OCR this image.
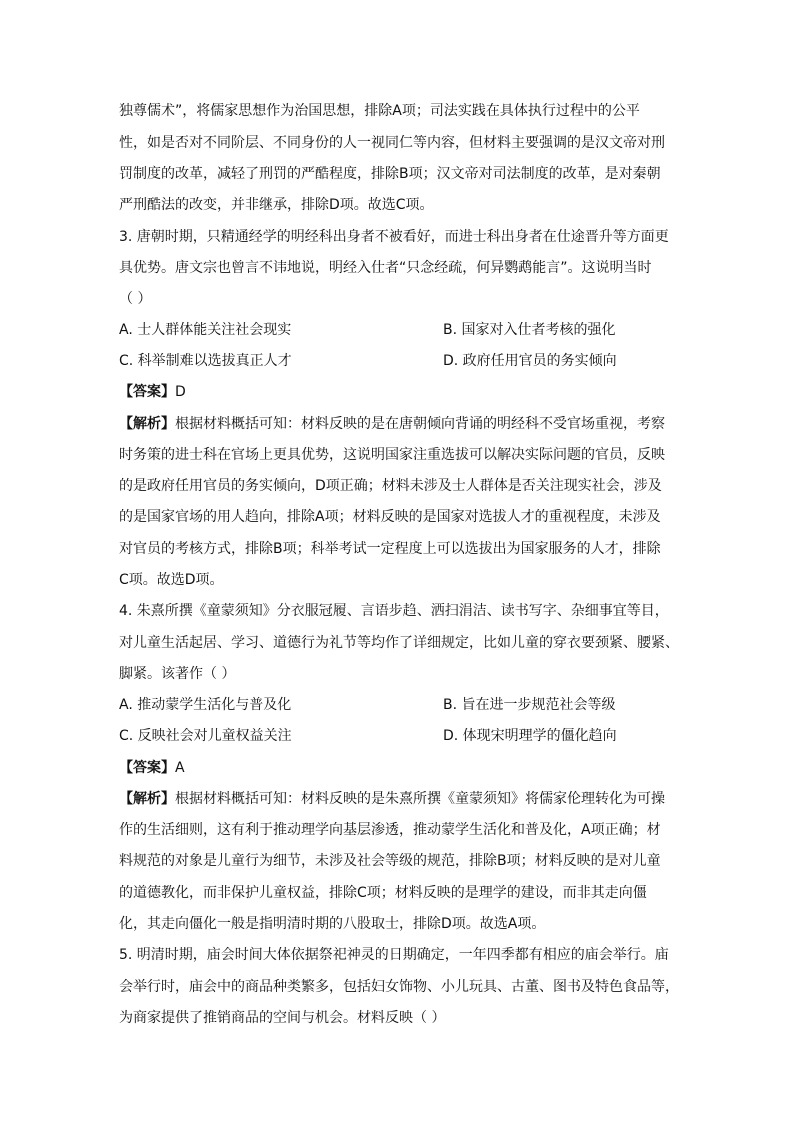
独尊儒术”，将儒家思想作为治国思想，排除A项；司法实践在具体执行过程中的公平
性，如是否对不同阶层、不同身份的人一视同仁等内容，但材料主要强调的是汉文帝对刑
罚制度的改革，减轻了刑罚的严酷程度，排除B项；汉文帝对司法制度的改革，是对秦朝
严刑酷法的改变，并非继承，排除D项。故选C项。
3. 唐朝时期，只精通经学的明经科出身者不被看好，而进士科出身者在仕途晋升等方面更
具优势。唐文宗也曾言不讳地说，明经入仕者“只念经疏，何异鹦鹉能言”。这说明当时
（ ）
A. 士人群体能关注社会现实	B. 国家对入仕者考核的强化
C. 科举制难以选拔真正人才	D. 政府任用官员的务实倾向
【答案】D
【解析】根据材料概括可知：材料反映的是在唐朝倾向背诵的明经科不受官场重视，考察
时务策的进士科在官场上更具优势，这说明国家注重选拔可以解决实际问题的官员，反映
的是政府任用官员的务实倾向，D项正确；材料未涉及士人群体是否关注现实社会，涉及
的是国家官场的用人趋向，排除A项；材料反映的是国家对选拔人才的重视程度，未涉及
对官员的考核方式，排除B项；科举考试一定程度上可以选拔出为国家服务的人才，排除
C项。故选D项。
4. 朱熹所撰《童蒙须知》分衣服冠履、言语步趋、洒扫涓洁、读书写字、杂细事宜等目，
对儿童生活起居、学习、道德行为礼节等均作了详细规定，比如儿童的穿衣要颈紧、腰紧、
脚紧。该著作（ ）
A. 推动蒙学生活化与普及化	B. 旨在进一步规范社会等级
C. 反映社会对儿童权益关注	D. 体现宋明理学的僵化趋向
【答案】A
【解析】根据材料概括可知：材料反映的是朱熹所撰《童蒙须知》将儒家伦理转化为可操
作的生活细则，这有利于推动理学向基层渗透，推动蒙学生活化和普及化，A项正确；材
料规范的对象是儿童行为细节，未涉及社会等级的规范，排除B项；材料反映的是对儿童
的道德教化，而非保护儿童权益，排除C项；材料反映的是理学的建设，而非其走向僵
化，其走向僵化一般是指明清时期的八股取士，排除D项。故选A项。
5. 明清时期，庙会时间大体依据祭祀神灵的日期确定，一年四季都有相应的庙会举行。庙
会举行时，庙会中的商品种类繁多，包括妇女饰物、小儿玩具、古董、图书及特色食品等，
为商家提供了推销商品的空间与机会。材料反映（ ）
